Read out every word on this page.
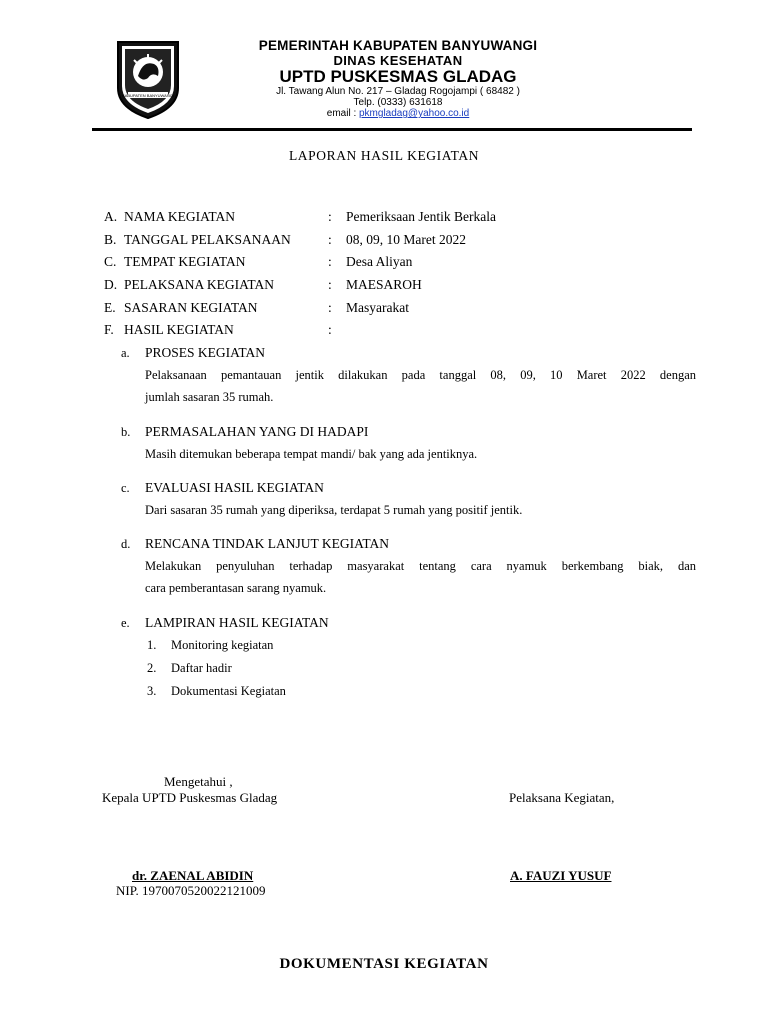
KABUPATEN BANYUWANGI
PEMERINTAH KABUPATEN BANYUWANGI
DINAS KESEHATAN
UPTD PUSKESMAS GLADAG
Jl. Tawang Alun No. 217 – Gladag Rogojampi ( 68482 )
Telp. (0333) 631618
email : pkmgladag@yahoo.co.id
LAPORAN HASIL KEGIATAN
A. NAMA KEGIATAN	: Pemeriksaan Jentik Berkala
B. TANGGAL PELAKSANAAN	: 08, 09, 10 Maret 2022
C. TEMPAT KEGIATAN	: Desa Aliyan
D. PELAKSANA KEGIATAN	: MAESAROH
E. SASARAN KEGIATAN	: Masyarakat
F. HASIL KEGIATAN	:
a. PROSES KEGIATAN
Pelaksanaan pemantauan jentik dilakukan pada tanggal 08, 09, 10 Maret 2022 dengan
jumlah sasaran 35 rumah.
b. PERMASALAHAN YANG DI HADAPI
Masih ditemukan beberapa tempat mandi/ bak yang ada jentiknya.
c. EVALUASI HASIL KEGIATAN
Dari sasaran 35 rumah yang diperiksa, terdapat 5 rumah yang positif jentik.
d. RENCANA TINDAK LANJUT KEGIATAN
Melakukan penyuluhan terhadap masyarakat tentang cara nyamuk berkembang biak, dan
cara pemberantasan sarang nyamuk.
e. LAMPIRAN HASIL KEGIATAN
1. Monitoring kegiatan
2. Daftar hadir
3. Dokumentasi Kegiatan
Mengetahui ,
Kepala UPTD Puskesmas Gladag	Pelaksana Kegiatan,
dr. ZAENAL ABIDIN
NIP. 197007052002212100​9
A. FAUZI YUSUF
DOKUMENTASI KEGIATAN
